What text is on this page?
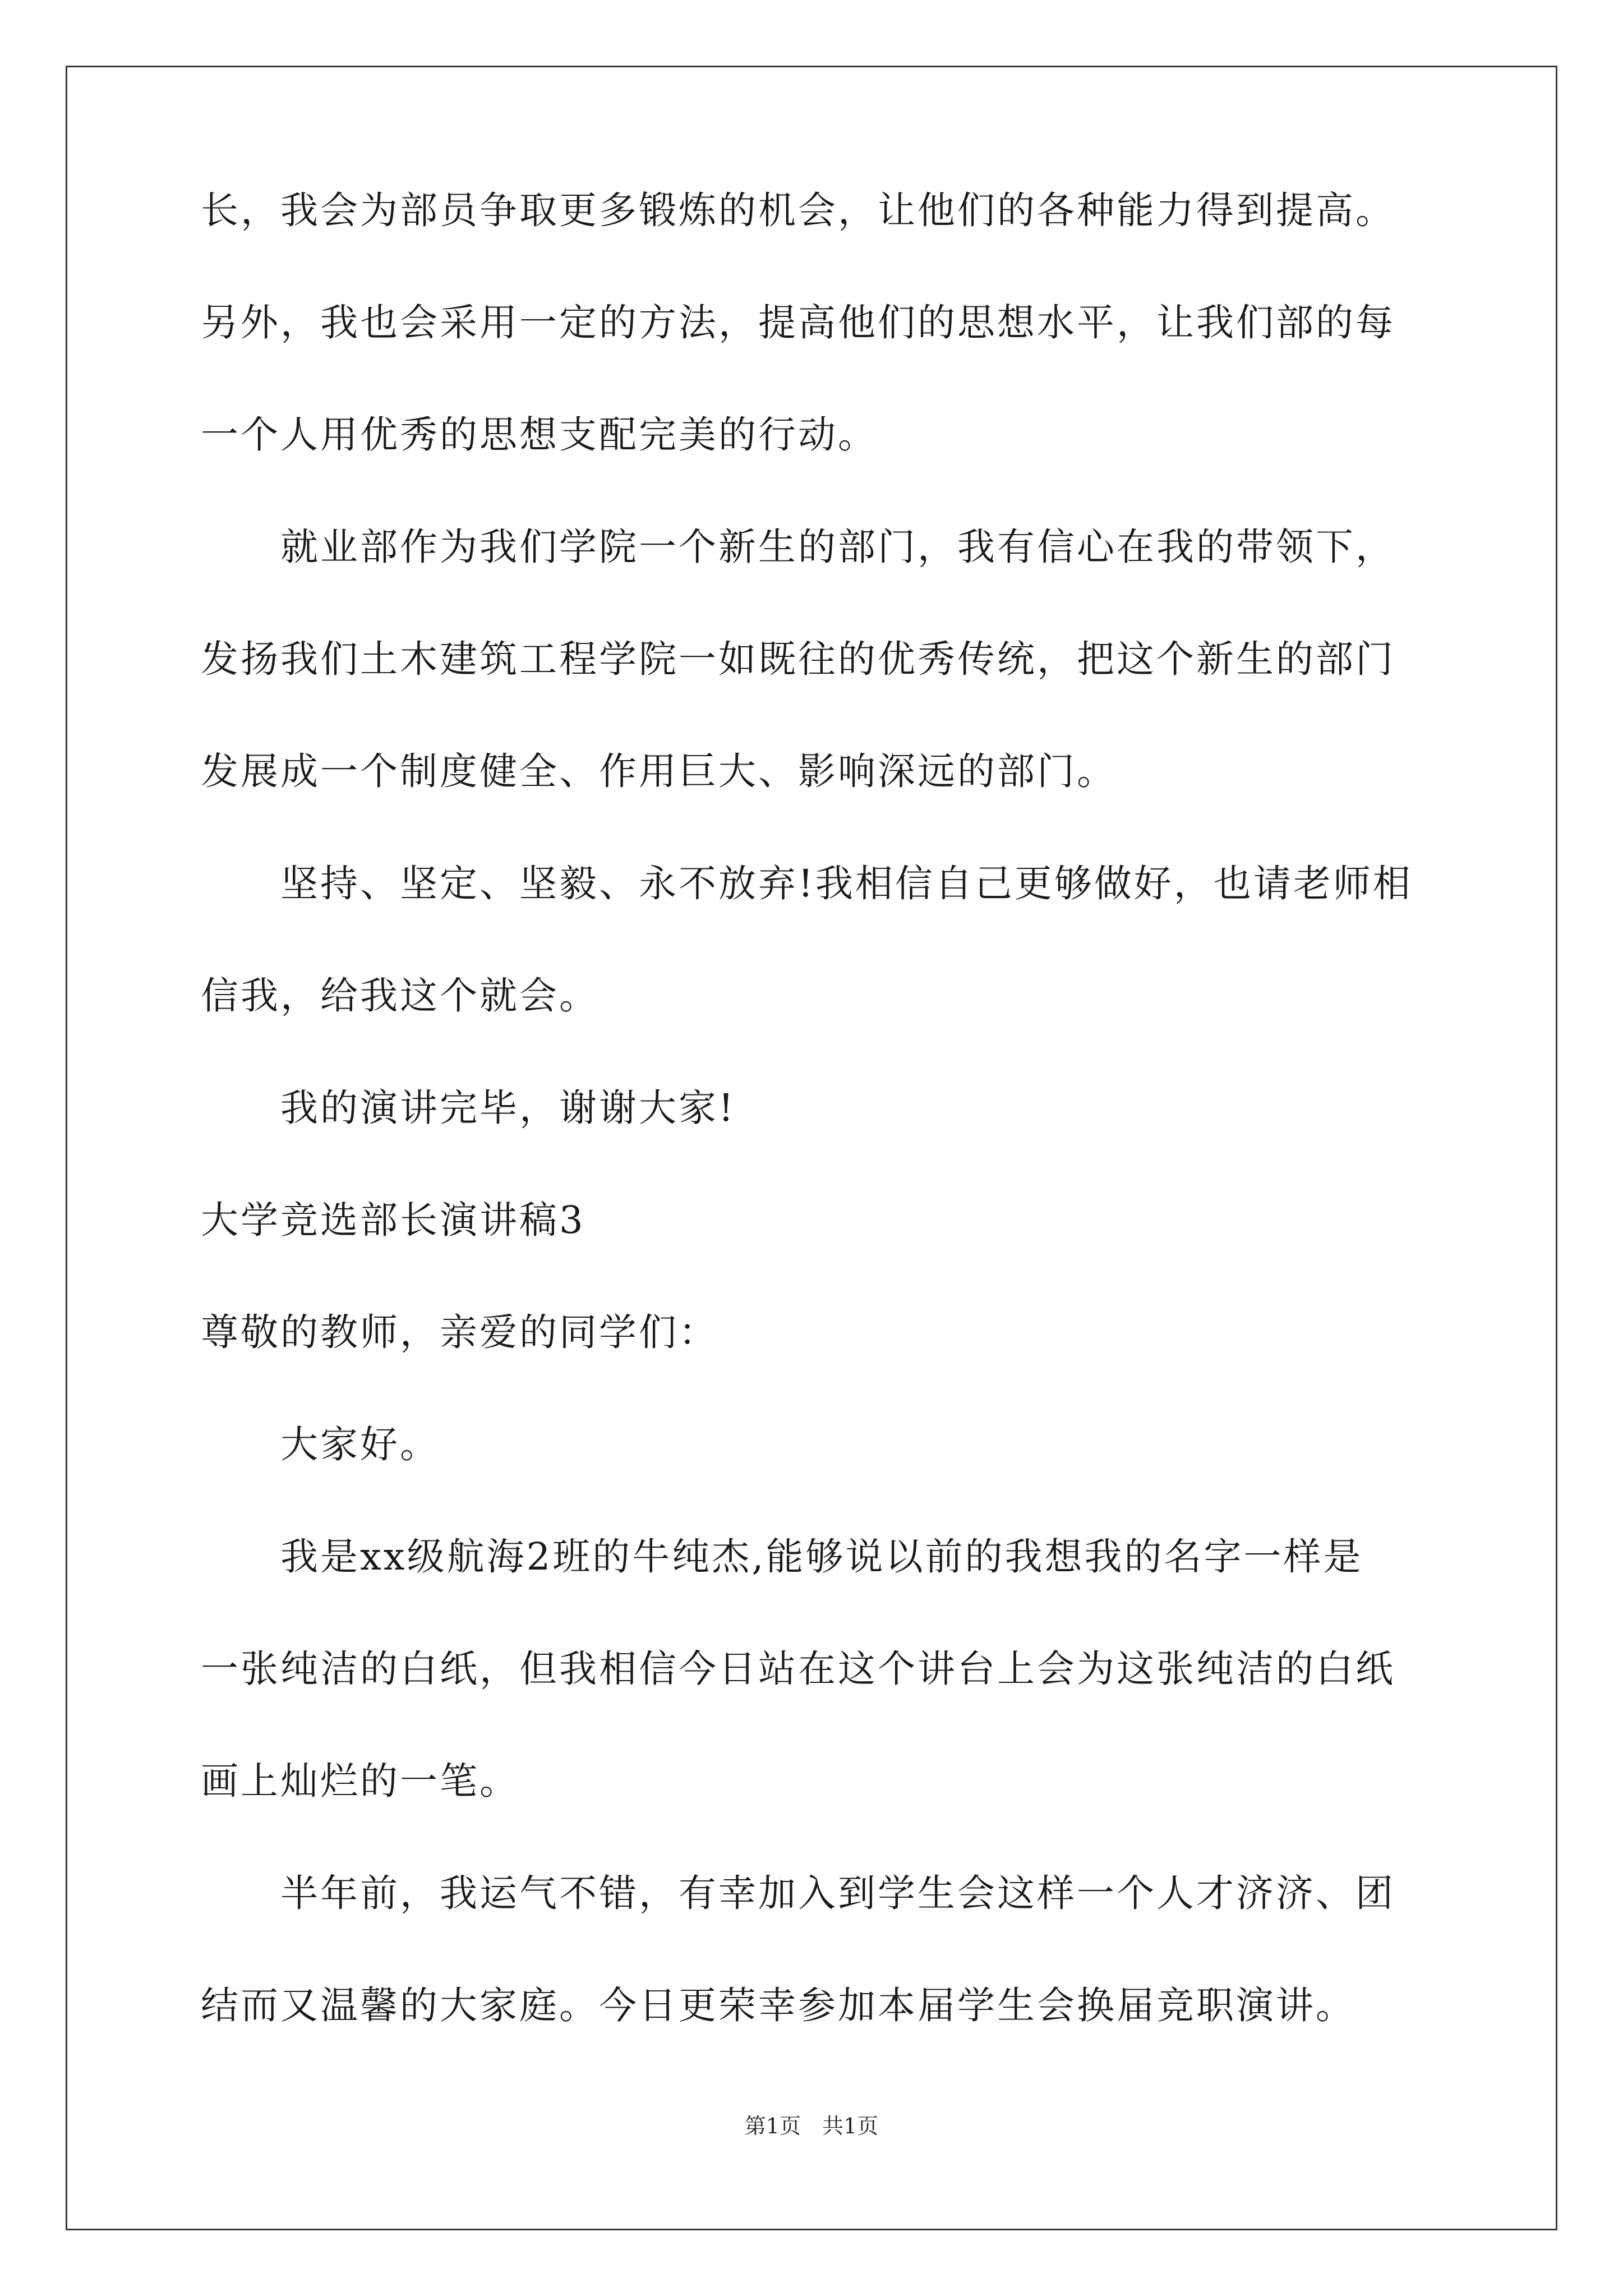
长，我会为部员争取更多锻炼的机会，让他们的各种能力得到提高。
另外，我也会采用一定的方法，提高他们的思想水平，让我们部的每
一个人用优秀的思想支配完美的行动。
就业部作为我们学院一个新生的部门，我有信心在我的带领下，
发扬我们土木建筑工程学院一如既往的优秀传统，把这个新生的部门
发展成一个制度健全、作用巨大、影响深远的部门。
坚持、坚定、坚毅、永不放弃!我相信自己更够做好，也请老师相
信我，给我这个就会。
我的演讲完毕，谢谢大家!
大学竞选部长演讲稿3
尊敬的教师，亲爱的同学们：
大家好。
我是xx级航海2班的牛纯杰,能够说以前的我想我的名字一样是
一张纯洁的白纸，但我相信今日站在这个讲台上会为这张纯洁的白纸
画上灿烂的一笔。
半年前，我运气不错，有幸加入到学生会这样一个人才济济、团
结而又温馨的大家庭。今日更荣幸参加本届学生会换届竞职演讲。
第1页　共1页
